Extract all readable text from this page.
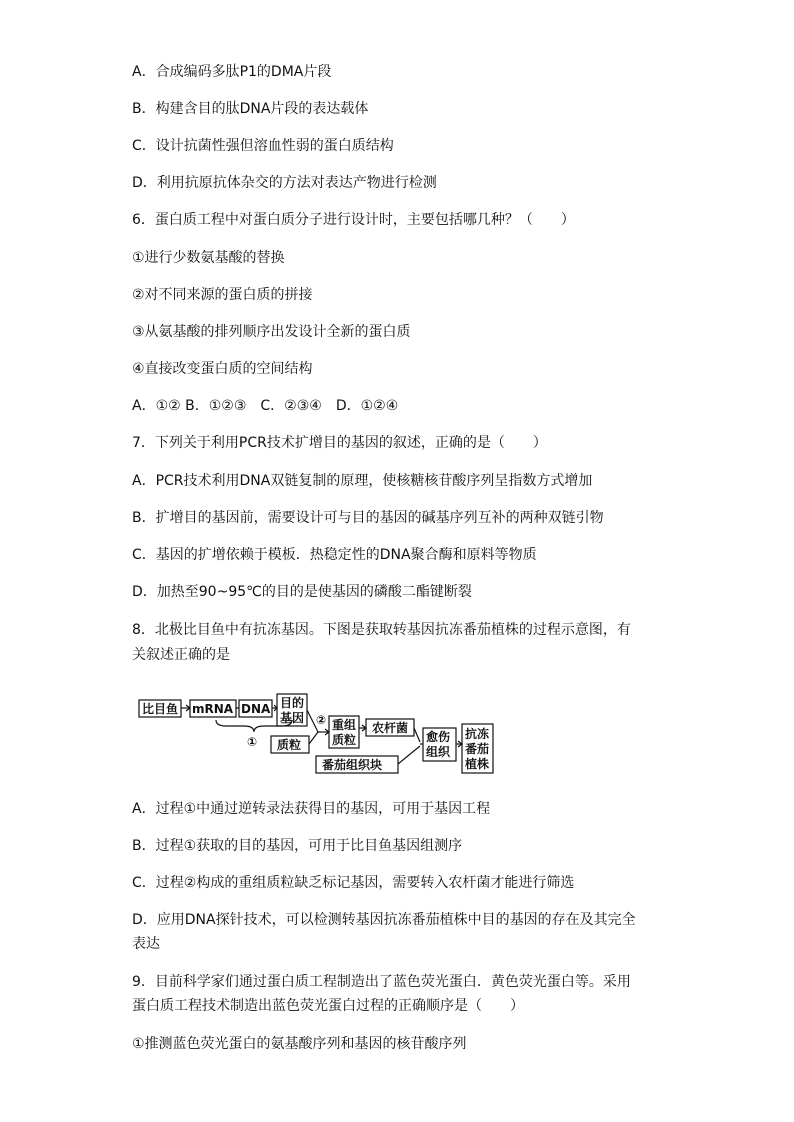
A．合成编码多肽P1的DMA片段
B．构建含目的肽DNA片段的表达载体
C．设计抗菌性强但溶血性弱的蛋白质结构
D．利用抗原抗体杂交的方法对表达产物进行检测
6．蛋白质工程中对蛋白质分子进行设计时，主要包括哪几种？（　　）
①进行少数氨基酸的替换
②对不同来源的蛋白质的拼接
③从氨基酸的排列顺序出发设计全新的蛋白质
④直接改变蛋白质的空间结构
A．①② B．①②③　C．②③④　D．①②④
7．下列关于利用PCR技术扩增目的基因的叙述，正确的是（　　）
A．PCR技术利用DNA双链复制的原理，使核糖核苷酸序列呈指数方式增加
B．扩增目的基因前，需要设计可与目的基因的碱基序列互补的两种双链引物
C．基因的扩增依赖于模板．热稳定性的DNA聚合酶和原料等物质
D．加热至90~95℃的目的是使基因的磷酸二酯键断裂
8．北极比目鱼中有抗冻基因。下图是获取转基因抗冻番茄植株的过程示意图，有
关叙述正确的是
比目鱼 mRNA DNA 目的
基因
质粒
①
② 重组
质粒
农杆菌
愈伤
组织
番茄组织块
抗冻
番茄
植株
A．过程①中通过逆转录法获得目的基因，可用于基因工程
B．过程①获取的目的基因，可用于比目鱼基因组测序
C．过程②构成的重组质粒缺乏标记基因，需要转入农杆菌才能进行筛选
D．应用DNA探针技术，可以检测转基因抗冻番茄植株中目的基因的存在及其完全
表达
9．目前科学家们通过蛋白质工程制造出了蓝色荧光蛋白．黄色荧光蛋白等。采用
蛋白质工程技术制造出蓝色荧光蛋白过程的正确顺序是（　　）
①推测蓝色荧光蛋白的氨基酸序列和基因的核苷酸序列
